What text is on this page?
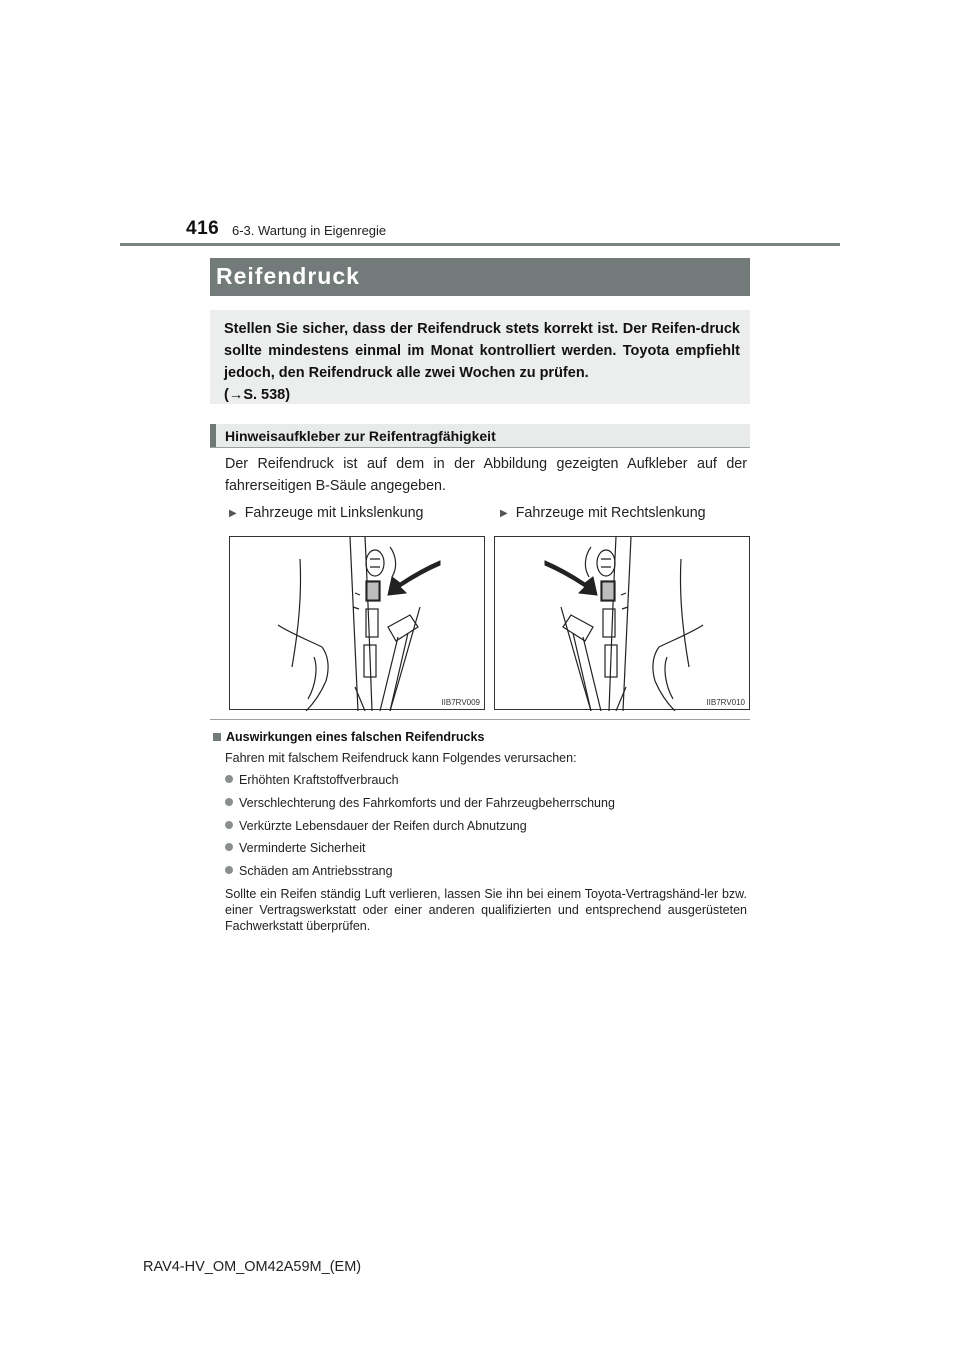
416 6-3. Wartung in Eigenregie
Reifendruck

Stellen Sie sicher, dass der Reifendruck stets korrekt ist. Der Reifen-druck sollte mindestens einmal im Monat kontrolliert werden. Toyota empfiehlt jedoch, den Reifendruck alle zwei Wochen zu prüfen.
(→S. 538)

Hinweisaufkleber zur Reifentragfähigkeit

Der Reifendruck ist auf dem in der Abbildung gezeigten Aufkleber auf der fahrerseitigen B-Säule angegeben.

▶ Fahrzeuge mit Linkslenkung	▶ Fahrzeuge mit Rechtslenkung
IIB7RV009	IIB7RV010
Auswirkungen eines falschen Reifendrucks
Fahren mit falschem Reifendruck kann Folgendes verursachen:
Erhöhten Kraftstoffverbrauch
Verschlechterung des Fahrkomforts und der Fahrzeugbeherrschung
Verkürzte Lebensdauer der Reifen durch Abnutzung
Verminderte Sicherheit
Schäden am Antriebsstrang

Sollte ein Reifen ständig Luft verlieren, lassen Sie ihn bei einem Toyota-Vertragshänd-ler bzw. einer Vertragswerkstatt oder einer anderen qualifizierten und entsprechend ausgerüsteten Fachwerkstatt überprüfen.

RAV4-HV_OM_OM42A59M_(EM)
